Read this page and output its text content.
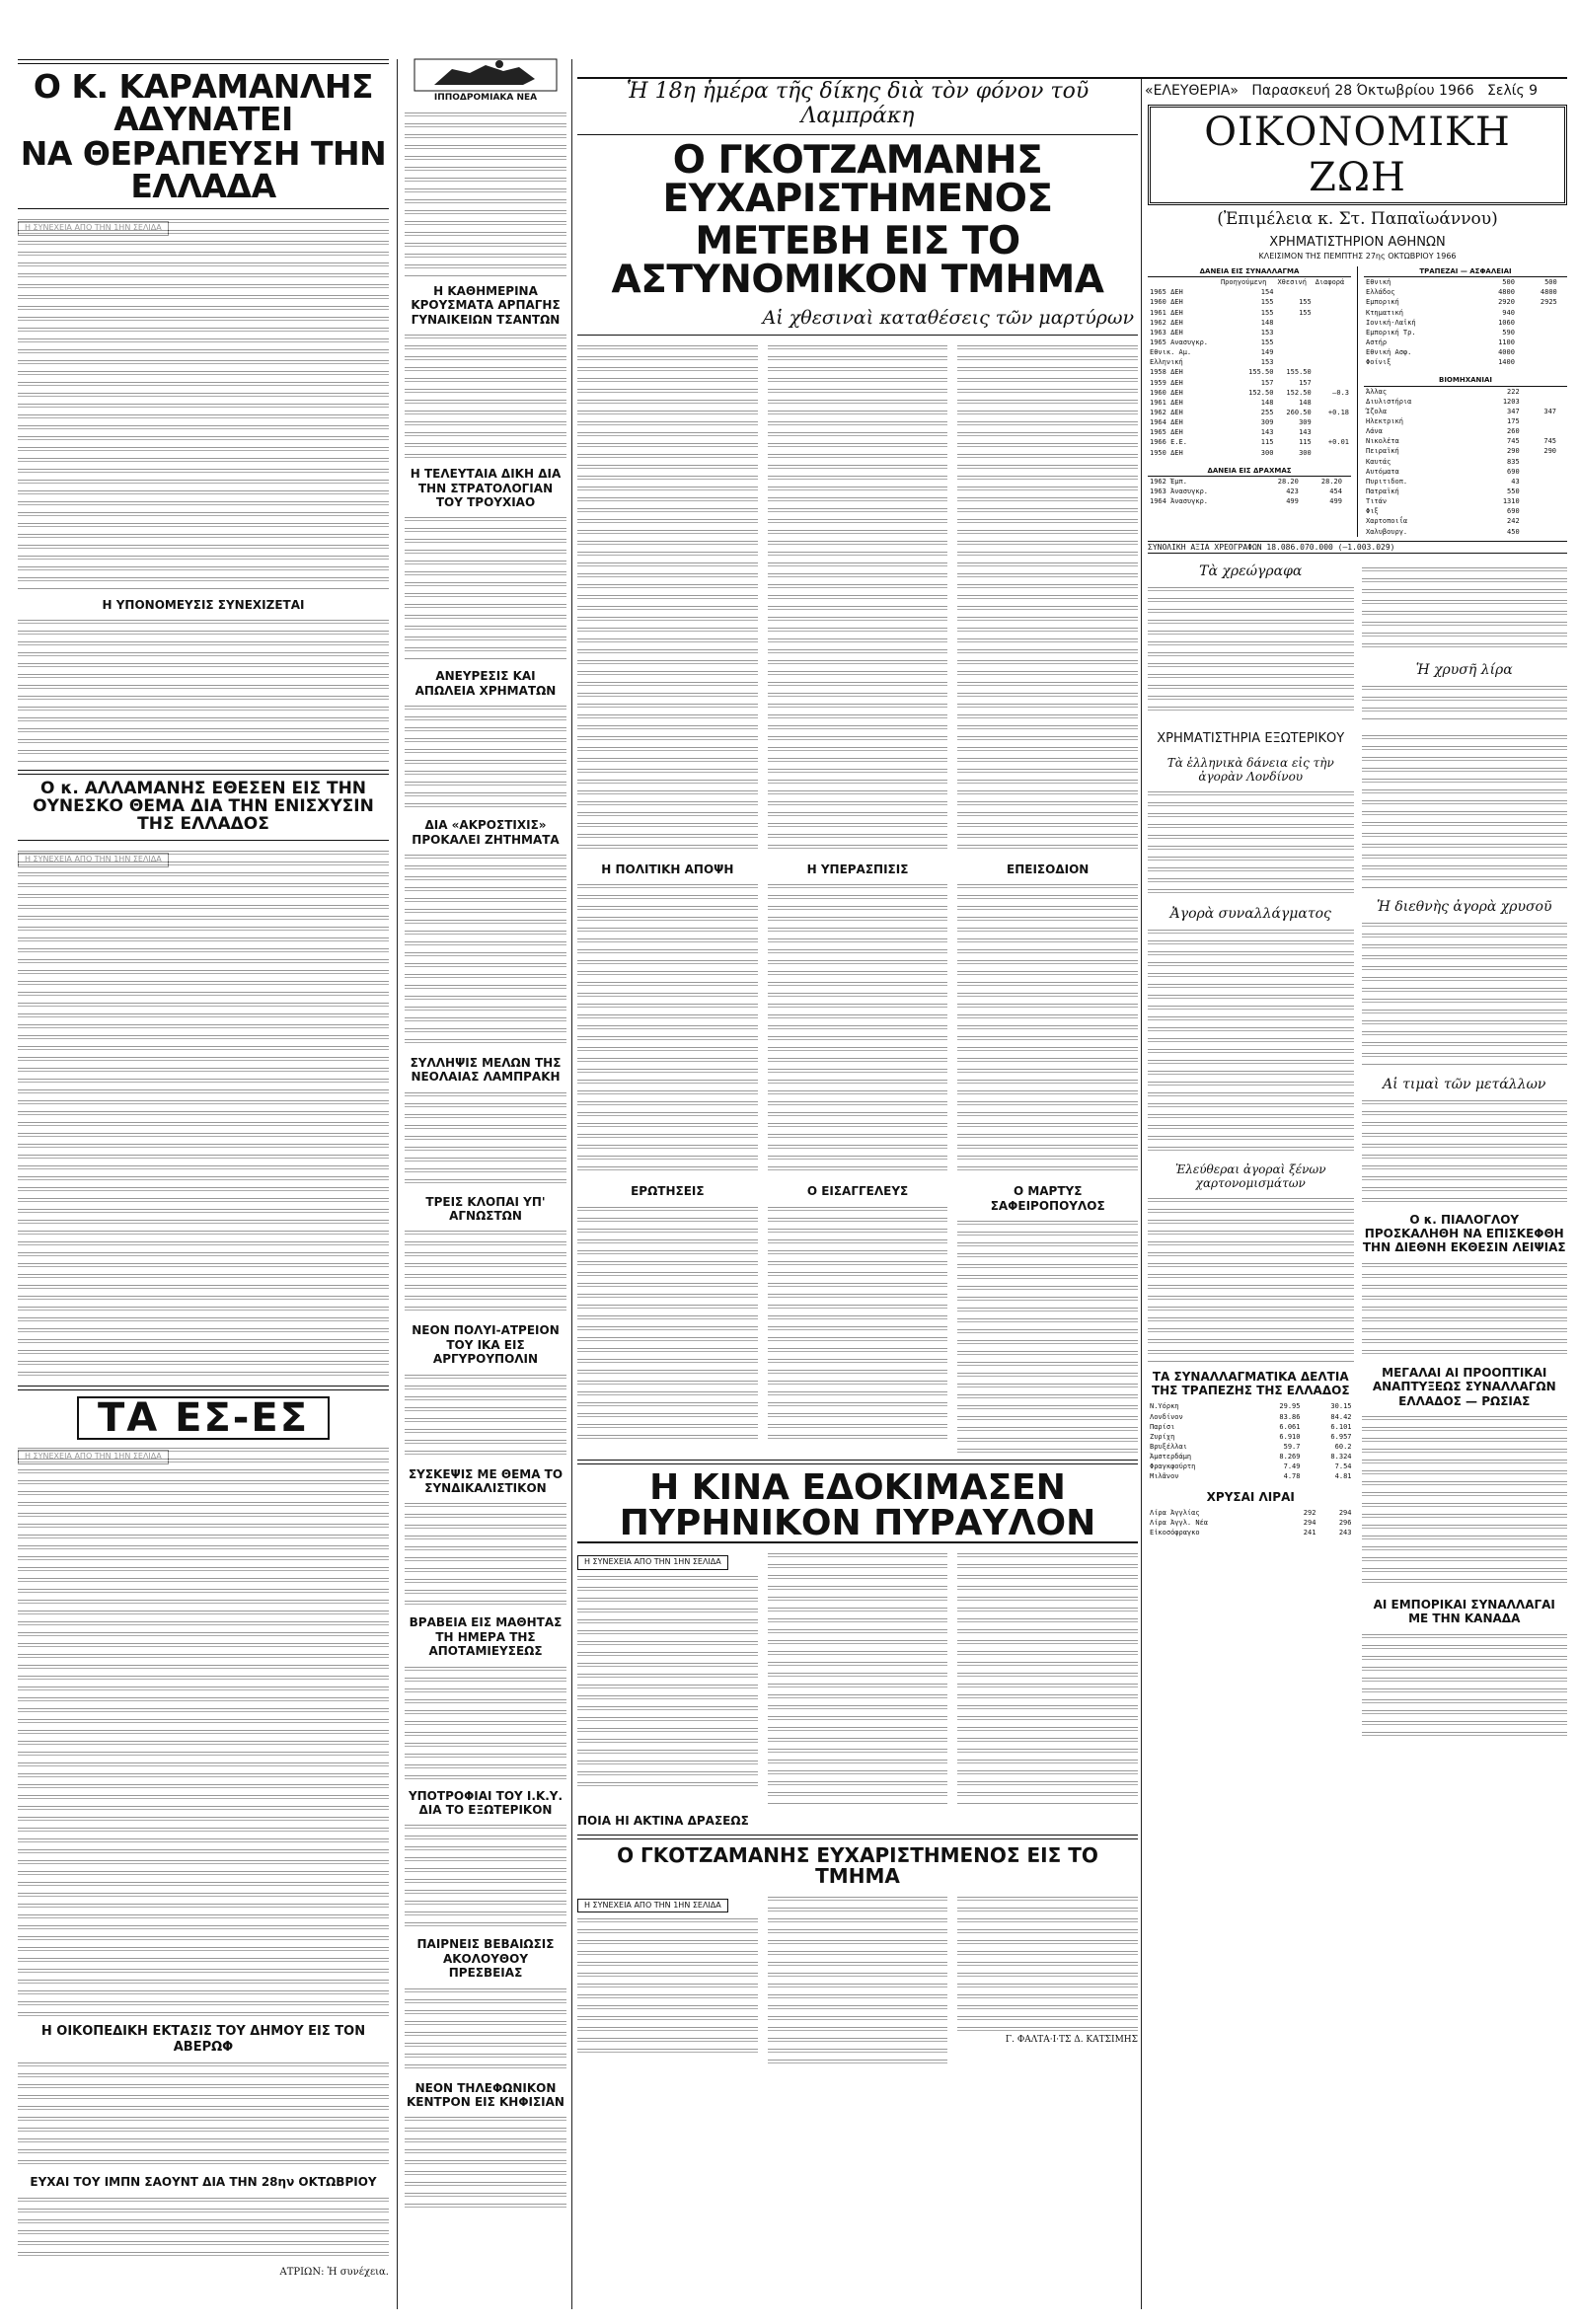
«ΕΛΕΥΘΕΡΙΑ» Παρασκευή 28 Όκτωβρίου 1966 Σελίς 9
Ο Κ. ΚΑΡΑΜΑΝΛΗΣ ΑΔΥΝΑΤΕΙ
ΝΑ ΘΕΡΑΠΕΥΣΗ ΤΗΝ ΕΛΛΑΔΑ
Η ΥΠΟΝΟΜΕΥΣΙΣ ΣΥΝΕΧΙΖΕΤΑΙ
Ο κ. ΑΛΛΑΜΑΝΗΣ ΕΘΕΣΕΝ ΕΙΣ ΤΗΝ ΟΥΝΕΣΚΟ ΘΕΜΑ ΔΙΑ ΤΗΝ ΕΝΙΣΧΥΣΙΝ ΤΗΣ ΕΛΛΑΔΟΣ
ΤΑ ΕΣ-ΕΣ
Η ΟΙΚΟΠΕΔΙΚΗ ΕΚΤΑΣΙΣ ΤΟΥ ΔΗΜΟΥ ΕΙΣ ΤΟΝ ΑΒΕΡΩΦ
ΕΥΧΑΙ ΤΟΥ ΙΜΠΝ ΣΑΟΥΝΤ ΔΙΑ ΤΗΝ 28ην ΟΚΤΩΒΡΙΟΥ
ΑΤΡΙΩΝ: Ἡ συνέχεια.
ΙΠΠΟΔΡΟΜΙΑΚΑ ΝΕΑ
Η ΚΑΘΗΜΕΡΙΝΑ ΚΡΟΥΣΜΑΤΑ ΑΡΠΑΓΗΣ ΓΥΝΑΙΚΕΙΩΝ ΤΣΑΝΤΩΝ
Η ΤΕΛΕΥΤΑΙΑ ΔΙΚΗ ΔΙΑ ΤΗΝ ΣΤΡΑΤΟΛΟΓΙΑΝ ΤΟΥ ΤΡΟΥΧΙΑΟ
ΑΝΕΥΡΕΣΙΣ ΚΑΙ ΑΠΩΛΕΙΑ ΧΡΗΜΑΤΩΝ
ΔΙΑ «ΑΚΡΟΣΤΙΧΙΣ» ΠΡΟΚΑΛΕΙ ΖΗΤΗΜΑΤΑ
ΣΥΛΛΗΨΙΣ ΜΕΛΩΝ ΤΗΣ ΝΕΟΛΑΙΑΣ ΛΑΜΠΡΑΚΗ
ΤΡΕΙΣ ΚΛΟΠΑΙ ΥΠ' ΑΓΝΩΣΤΩΝ
ΝΕΟΝ ΠΟΛΥΙ-ΑΤΡΕΙΟΝ ΤΟΥ ΙΚΑ ΕΙΣ ΑΡΓΥΡΟΥΠΟΛΙΝ
ΣΥΣΚΕΨΙΣ ΜΕ ΘΕΜΑ ΤΟ ΣΥΝΔΙΚΑΛΙΣΤΙΚΟΝ
ΒΡΑΒΕΙΑ ΕΙΣ ΜΑΘΗΤΑΣ ΤΗ ΗΜΕΡΑ ΤΗΣ ΑΠΟΤΑΜΙΕΥΣΕΩΣ
ΥΠΟΤΡΟΦΙΑΙ ΤΟΥ Ι.Κ.Υ. ΔΙΑ ΤΟ ΕΞΩΤΕΡΙΚΟΝ
ΠΑΙΡΝΕΙΣ ΒΕΒΑΙΩΣΙΣ ΑΚΟΛΟΥΘΟΥ ΠΡΕΣΒΕΙΑΣ
ΝΕΟΝ ΤΗΛΕΦΩΝΙΚΟΝ ΚΕΝΤΡΟΝ ΕΙΣ ΚΗΦΙΣΙΑΝ
Ἡ 18η ἡμέρα τῆς δίκης διὰ τὸν φόνον τοῦ Λαμπράκη
Ο ΓΚΟΤΖΑΜΑΝΗΣ ΕΥΧΑΡΙΣΤΗΜΕΝΟΣ
ΜΕΤΕΒΗ ΕΙΣ ΤΟ ΑΣΤΥΝΟΜΙΚΟΝ ΤΜΗΜΑ
Αἱ χθεσιναὶ καταθέσεις τῶν μαρτύρων
Η ΠΟΛΙΤΙΚΗ ΑΠΟΨΗ
ΕΡΩΤΗΣΕΙΣ
Η ΥΠΕΡΑΣΠΙΣΙΣ
Ο ΕΙΣΑΓΓΕΛΕΥΣ
ΕΠΕΙΣΟΔΙΟΝ
Ο ΜΑΡΤΥΣ ΣΑΦΕΙΡΟΠΟΥΛΟΣ
Η ΚΙΝΑ ΕΔΟΚΙΜΑΣΕΝ
ΠΥΡΗΝΙΚΟΝ ΠΥΡΑΥΛΟΝ
Η ΣΥΝΕΧΕΙΑ ΑΠΟ ΤΗΝ 1ΗΝ ΣΕΛΙΔΑ
ΠΟΙΑ ΗΙ ΑΚΤΙΝΑ ΔΡΑΣΕΩΣ
Ο ΓΚΟΤΖΑΜΑΝΗΣ ΕΥΧΑΡΙΣΤΗΜΕΝΟΣ ΕΙΣ ΤΟ ΤΜΗΜΑ
Η ΣΥΝΕΧΕΙΑ ΑΠΟ ΤΗΝ 1ΗΝ ΣΕΛΙΔΑ
Γ. ΦΑΛΤΑ·Ι·ΤΣ Δ. ΚΑΤΣΙΜΗΣ
ΟΙΚΟΝΟΜΙΚΗ ΖΩΗ
(Ἐπιμέλεια κ. Στ. Παπαϊωάννου)
ΧΡΗΜΑΤΙΣΤΗΡΙΟΝ ΑΘΗΝΩΝ
ΚΛΕΙΣΙΜΟΝ ΤΗΣ ΠΕΜΠΤΗΣ 27ης ΟΚΤΩΒΡΙΟΥ 1966
ΔΑΝΕΙΑ ΕΙΣ ΣΥΝΑΛΛΑΓΜΑ			
	Προηγούμενη	Χθεσινή	Διαφορά
1965 ΔΕΗ	154		
1960 ΔΕΗ	155	155	
1961 ΔΕΗ	155	155	
1962 ΔΕΗ	148		
1963 ΔΕΗ	153		
1965 Ανασυγκρ.	155		
Εθνικ. Αμ.	149		
Ελληνική	153		
1958 ΔΕΗ	155.50	155.50	
1959 ΔΕΗ	157	157	
1960 ΔΕΗ	152.50	152.50	—0.3
1961 ΔΕΗ	148	148	
1962 ΔΕΗ	255	260.50	+0.18
1964 ΔΕΗ	309	309	
1965 ΔΕΗ	143	143	
1966 Ε.Ε.	115	115	+0.01
1950 ΔΕΗ	300	300	
ΔΑΝΕΙΑ ΕΙΣ ΔΡΑΧΜΑΣ			
1962 Ἐμπ.	28.20	28.20	
1963 Ἀνασυγκρ.	423	454	
1964 Ἀνασυγκρ.	499	499	
ΤΡΑΠΕΖΑΙ — ΑΣΦΑΛΕΙΑΙ			
Εθνική	500	500	
Ελλάδος	4800	4800	
Εμπορική	2920	2925	
Κτηματική	940		
Ιονική-Λαϊκή	1060		
Εμπορική Τρ.	590		
Αστήρ	1100		
Εθνική Ασφ.	4000		
Φοίνιξ	1400		
ΒΙΟΜΗΧΑΝΙΑΙ			
Άλλας	222		
Διυλιστήρια	1203		
Ίζολα	347	347	
Ηλεκτρική	175		
Λάνα	260		
Νικολέτα	745	745	
Πειραϊκή	290	290	
Καυτάς	835		
Αυτόματα	690		
Πυριτιδοπ.	43		
Πατραϊκή	550		
Τιτάν	1310		
Φιξ	690		
Χαρτοποιΐα	242		
Χαλυβουργ.	450		
ΣΥΝΟΛΙΚΗ ΑΞΙΑ ΧΡΕΟΓΡΑΦΩΝ 18.086.070.000 (—1.003.029)
Τὰ χρεώγραφα
Ἡ χρυσῆ λίρα
ΧΡΗΜΑΤΙΣΤΗΡΙΑ ΕΞΩΤΕΡΙΚΟΥ
Τὰ ἑλληνικὰ δάνεια εἰς τὴν ἀγορὰν Λονδίνου
Ἀγορὰ συναλλάγματος
Ἐλεύθεραι ἀγοραὶ ξένων χαρτονομισμάτων
ΤΑ ΣΥΝΑΛΛΑΓΜΑΤΙΚΑ ΔΕΛΤΙΑ ΤΗΣ ΤΡΑΠΕΖΗΣ ΤΗΣ ΕΛΛΑΔΟΣ
Ν.Υόρκη	29.95	30.15
Λονδίνον	83.86	84.42
Παρίσι	6.061	6.101
Ζυρίχη	6.910	6.957
Βρυξέλλαι	59.7	60.2
Ἀμστερδάμη	8.269	8.324
Φραγκφούρτη	7.49	7.54
Μιλᾶνον	4.78	4.81
ΧΡΥΣΑΙ ΛΙΡΑΙ
Λίρα Ἀγγλίας	292	294
Λίρα Ἀγγλ. Νέα	294	296
Εἰκοσόφραγκο	241	243
Ἡ διεθνὴς ἀγορὰ χρυσοῦ
Αἱ τιμαὶ τῶν μετάλλων
Ο κ. ΠΙΑΛΟΓΛΟΥ ΠΡΟΣΚΑΛΗΘΗ ΝΑ ΕΠΙΣΚΕΦΘΗ ΤΗΝ ΔΙΕΘΝΗ ΕΚΘΕΣΙΝ ΛΕΙΨΙΑΣ
ΜΕΓΑΛΑΙ ΑΙ ΠΡΟΟΠΤΙΚΑΙ ΑΝΑΠΤΥΞΕΩΣ ΣΥΝΑΛΛΑΓΩΝ ΕΛΛΑΔΟΣ — ΡΩΣΙΑΣ
ΑΙ ΕΜΠΟΡΙΚΑΙ ΣΥΝΑΛΛΑΓΑΙ ΜΕ ΤΗΝ ΚΑΝΑΔΑ
